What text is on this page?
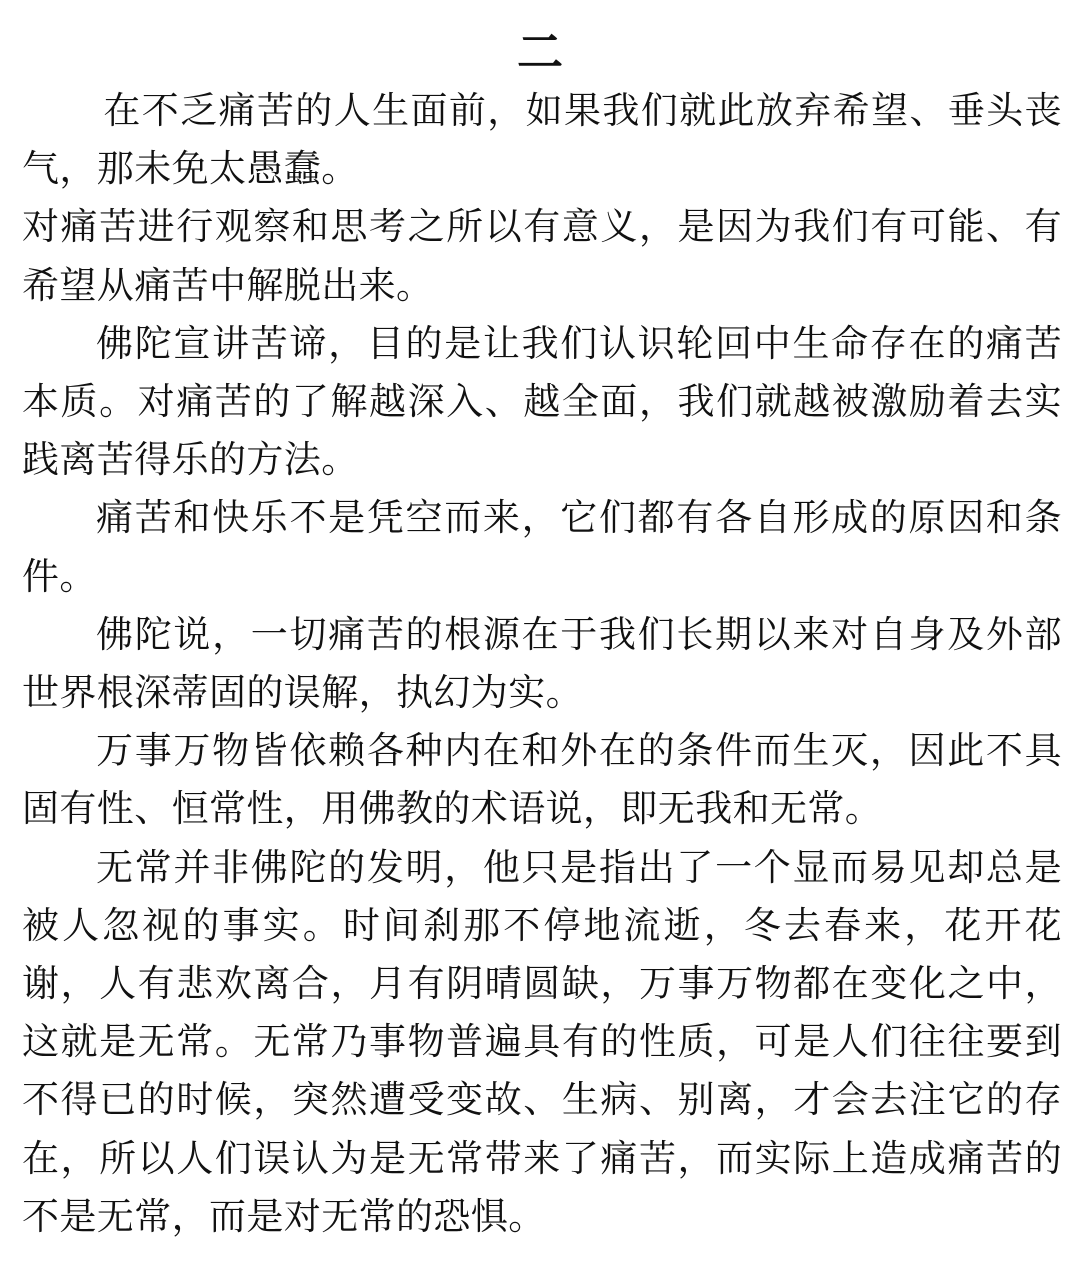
二

在不乏痛苦的人生面前，如果我们就此放弃希望、垂头丧气，那未免太愚蠢。

对痛苦进行观察和思考之所以有意义，是因为我们有可能、有希望从痛苦中解脱出来。

佛陀宣讲苦谛，目的是让我们认识轮回中生命存在的痛苦本质。对痛苦的了解越深入、越全面，我们就越被激励着去实践离苦得乐的方法。

痛苦和快乐不是凭空而来，它们都有各自形成的原因和条件。

佛陀说，一切痛苦的根源在于我们长期以来对自身及外部世界根深蒂固的误解，执幻为实。

万事万物皆依赖各种内在和外在的条件而生灭，因此不具固有性、恒常性，用佛教的术语说，即无我和无常。

无常并非佛陀的发明，他只是指出了一个显而易见却总是被人忽视的事实。时间刹那不停地流逝，冬去春来，花开花谢，人有悲欢离合，月有阴晴圆缺，万事万物都在变化之中，这就是无常。无常乃事物普遍具有的性质，可是人们往往要到不得已的时候，突然遭受变故、生病、别离，才会去注它的存在，所以人们误认为是无常带来了痛苦，而实际上造成痛苦的不是无常，而是对无常的恐惧。
